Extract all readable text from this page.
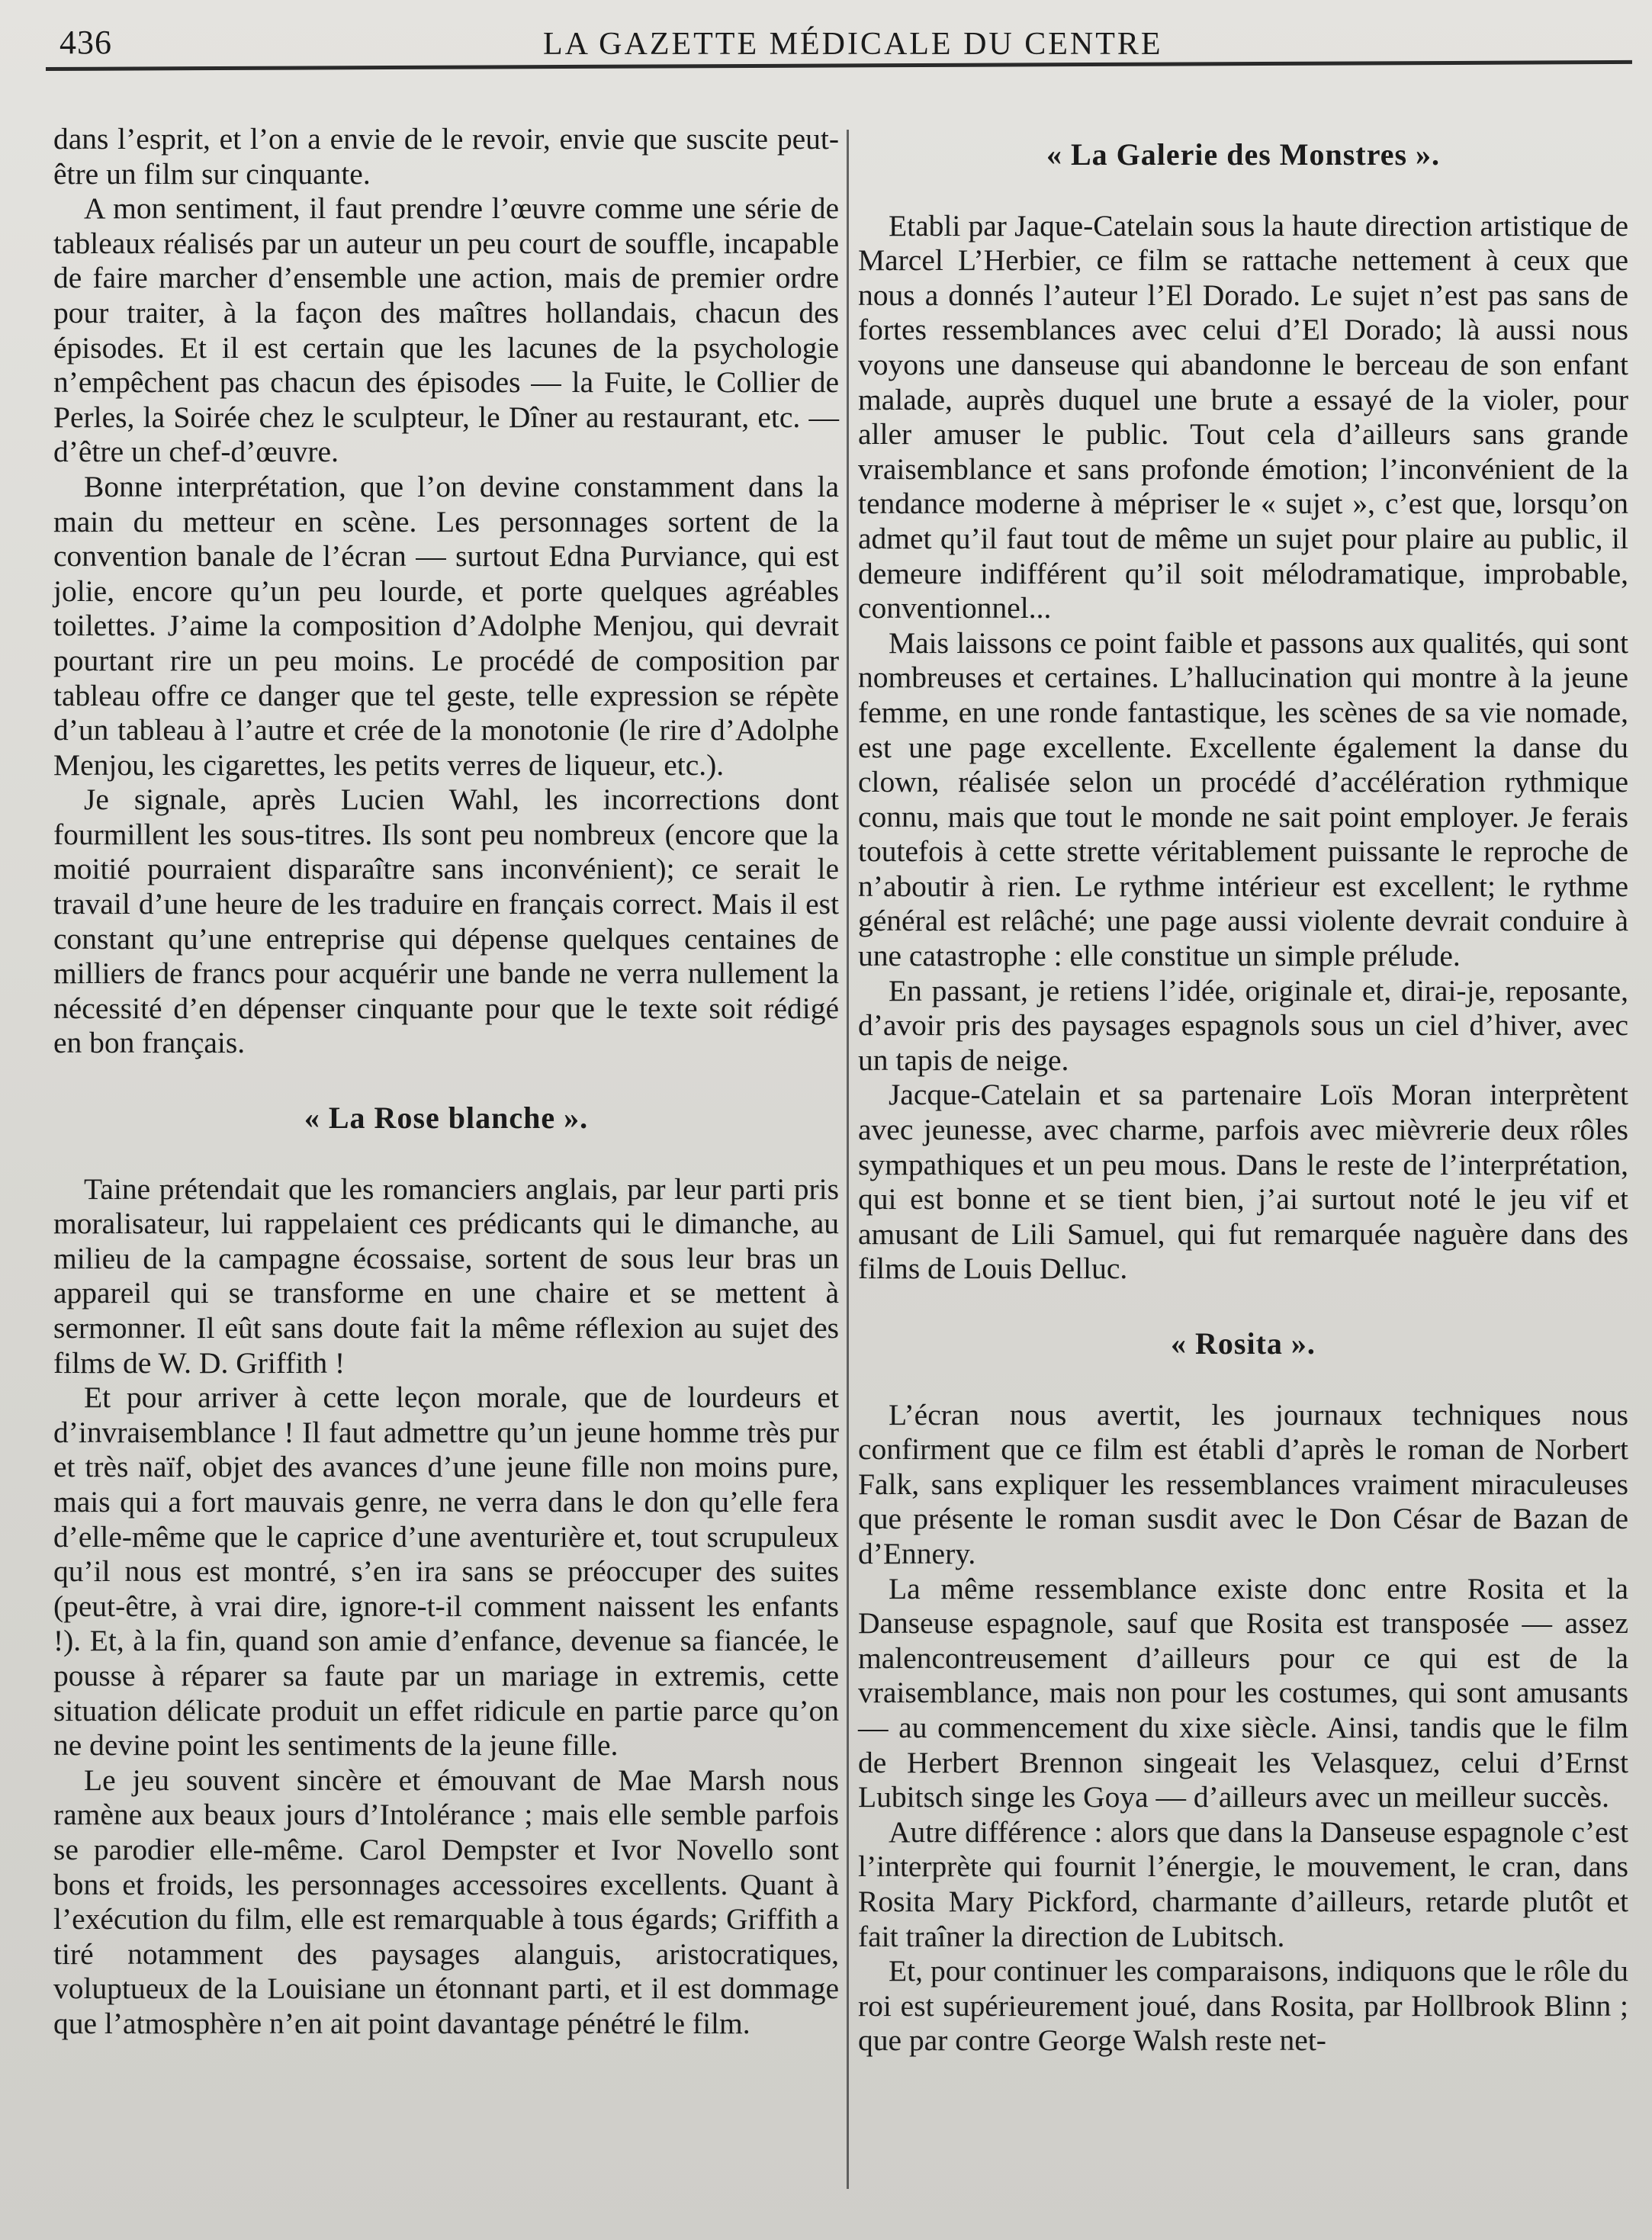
436	LA GAZETTE MÉDICALE DU CENTRE

dans l’esprit, et l’on a envie de le revoir, envie que suscite peut-être un film sur cinquante.

A mon sentiment, il faut prendre l’œuvre comme une série de tableaux réalisés par un auteur un peu court de souffle, incapable de faire marcher d’ensemble une action, mais de premier ordre pour traiter, à la façon des maîtres hollandais, chacun des épisodes. Et il est certain que les lacunes de la psychologie n’empêchent pas chacun des épisodes — la Fuite, le Collier de Perles, la Soirée chez le sculpteur, le Dîner au restaurant, etc. — d’être un chef-d’œuvre.

Bonne interprétation, que l’on devine constamment dans la main du metteur en scène. Les personnages sortent de la convention banale de l’écran — surtout Edna Purviance, qui est jolie, encore qu’un peu lourde, et porte quelques agréables toilettes. J’aime la composition d’Adolphe Menjou, qui devrait pourtant rire un peu moins. Le procédé de composition par tableau offre ce danger que tel geste, telle expression se répète d’un tableau à l’autre et crée de la monotonie (le rire d’Adolphe Menjou, les cigarettes, les petits verres de liqueur, etc.).

Je signale, après Lucien Wahl, les incorrections dont fourmillent les sous-titres. Ils sont peu nombreux (encore que la moitié pourraient disparaître sans inconvénient); ce serait le travail d’une heure de les traduire en français correct. Mais il est constant qu’une entreprise qui dépense quelques centaines de milliers de francs pour acquérir une bande ne verra nullement la nécessité d’en dépenser cinquante pour que le texte soit rédigé en bon français.

« La Rose blanche ».

Taine prétendait que les romanciers anglais, par leur parti pris moralisateur, lui rappelaient ces prédicants qui le dimanche, au milieu de la campagne écossaise, sortent de sous leur bras un appareil qui se transforme en une chaire et se mettent à sermonner. Il eût sans doute fait la même réflexion au sujet des films de W. D. Griffith !

Et pour arriver à cette leçon morale, que de lourdeurs et d’invraisemblance ! Il faut admettre qu’un jeune homme très pur et très naïf, objet des avances d’une jeune fille non moins pure, mais qui a fort mauvais genre, ne verra dans le don qu’elle fera d’elle-même que le caprice d’une aventurière et, tout scrupuleux qu’il nous est montré, s’en ira sans se préoccuper des suites (peut-être, à vrai dire, ignore-t-il comment naissent les enfants !). Et, à la fin, quand son amie d’enfance, devenue sa fiancée, le pousse à réparer sa faute par un mariage in extremis, cette situation délicate produit un effet ridicule en partie parce qu’on ne devine point les sentiments de la jeune fille.

Le jeu souvent sincère et émouvant de Mae Marsh nous ramène aux beaux jours d’Intolérance ; mais elle semble parfois se parodier elle-même. Carol Dempster et Ivor Novello sont bons et froids, les personnages accessoires excellents. Quant à l’exécution du film, elle est remarquable à tous égards; Griffith a tiré notamment des paysages alanguis, aristocratiques, voluptueux de la Louisiane un étonnant parti, et il est dommage que l’atmosphère n’en ait point davantage pénétré le film.

« La Galerie des Monstres ».

Etabli par Jaque-Catelain sous la haute direction artistique de Marcel L’Herbier, ce film se rattache nettement à ceux que nous a donnés l’auteur l’El Dorado. Le sujet n’est pas sans de fortes ressemblances avec celui d’El Dorado; là aussi nous voyons une danseuse qui abandonne le berceau de son enfant malade, auprès duquel une brute a essayé de la violer, pour aller amuser le public. Tout cela d’ailleurs sans grande vraisemblance et sans profonde émotion; l’inconvénient de la tendance moderne à mépriser le « sujet », c’est que, lorsqu’on admet qu’il faut tout de même un sujet pour plaire au public, il demeure indifférent qu’il soit mélodramatique, improbable, conventionnel...

Mais laissons ce point faible et passons aux qualités, qui sont nombreuses et certaines. L’hallucination qui montre à la jeune femme, en une ronde fantastique, les scènes de sa vie nomade, est une page excellente. Excellente également la danse du clown, réalisée selon un procédé d’accélération rythmique connu, mais que tout le monde ne sait point employer. Je ferais toutefois à cette strette véritablement puissante le reproche de n’aboutir à rien. Le rythme intérieur est excellent; le rythme général est relâché; une page aussi violente devrait conduire à une catastrophe : elle constitue un simple prélude.

En passant, je retiens l’idée, originale et, dirai-je, reposante, d’avoir pris des paysages espagnols sous un ciel d’hiver, avec un tapis de neige.

Jacque-Catelain et sa partenaire Loïs Moran interprètent avec jeunesse, avec charme, parfois avec mièvrerie deux rôles sympathiques et un peu mous. Dans le reste de l’interprétation, qui est bonne et se tient bien, j’ai surtout noté le jeu vif et amusant de Lili Samuel, qui fut remarquée naguère dans des films de Louis Delluc.

« Rosita ».

L’écran nous avertit, les journaux techniques nous confirment que ce film est établi d’après le roman de Norbert Falk, sans expliquer les ressemblances vraiment miraculeuses que présente le roman susdit avec le Don César de Bazan de d’Ennery.

La même ressemblance existe donc entre Rosita et la Danseuse espagnole, sauf que Rosita est transposée — assez malencontreusement d’ailleurs pour ce qui est de la vraisemblance, mais non pour les costumes, qui sont amusants — au commencement du xixe siècle. Ainsi, tandis que le film de Herbert Brennon singeait les Velasquez, celui d’Ernst Lubitsch singe les Goya — d’ailleurs avec un meilleur succès.

Autre différence : alors que dans la Danseuse espagnole c’est l’interprète qui fournit l’énergie, le mouvement, le cran, dans Rosita Mary Pickford, charmante d’ailleurs, retarde plutôt et fait traîner la direction de Lubitsch.

Et, pour continuer les comparaisons, indiquons que le rôle du roi est supérieurement joué, dans Rosita, par Hollbrook Blinn ; que par contre George Walsh reste net-
